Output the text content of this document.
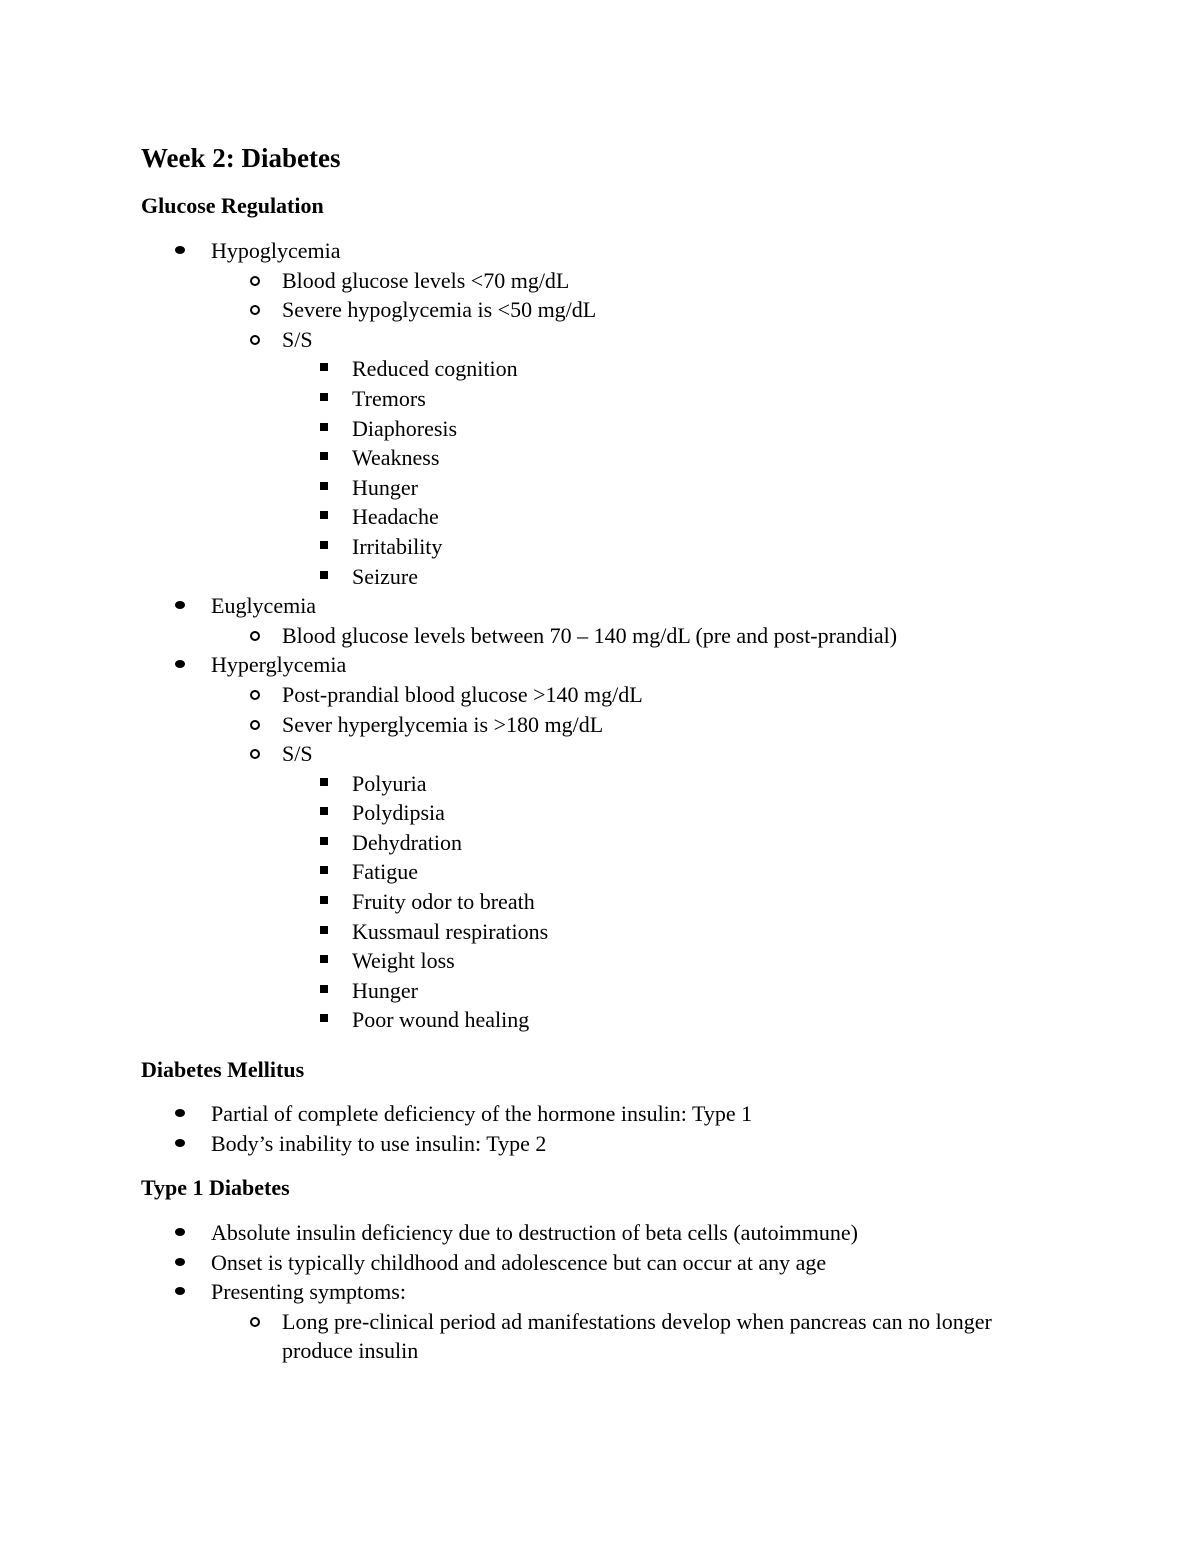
Week 2: Diabetes
Glucose Regulation
Hypoglycemia
Blood glucose levels <70 mg/dL
Severe hypoglycemia is <50 mg/dL
S/S
Reduced cognition
Tremors
Diaphoresis
Weakness
Hunger
Headache
Irritability
Seizure
Euglycemia
Blood glucose levels between 70 – 140 mg/dL (pre and post-prandial)
Hyperglycemia
Post-prandial blood glucose >140 mg/dL
Sever hyperglycemia is >180 mg/dL
S/S
Polyuria
Polydipsia
Dehydration
Fatigue
Fruity odor to breath
Kussmaul respirations
Weight loss
Hunger
Poor wound healing
Diabetes Mellitus
Partial of complete deficiency of the hormone insulin: Type 1
Body’s inability to use insulin: Type 2
Type 1 Diabetes
Absolute insulin deficiency due to destruction of beta cells (autoimmune)
Onset is typically childhood and adolescence but can occur at any age
Presenting symptoms:
Long pre-clinical period ad manifestations develop when pancreas can no longer produce insulin
